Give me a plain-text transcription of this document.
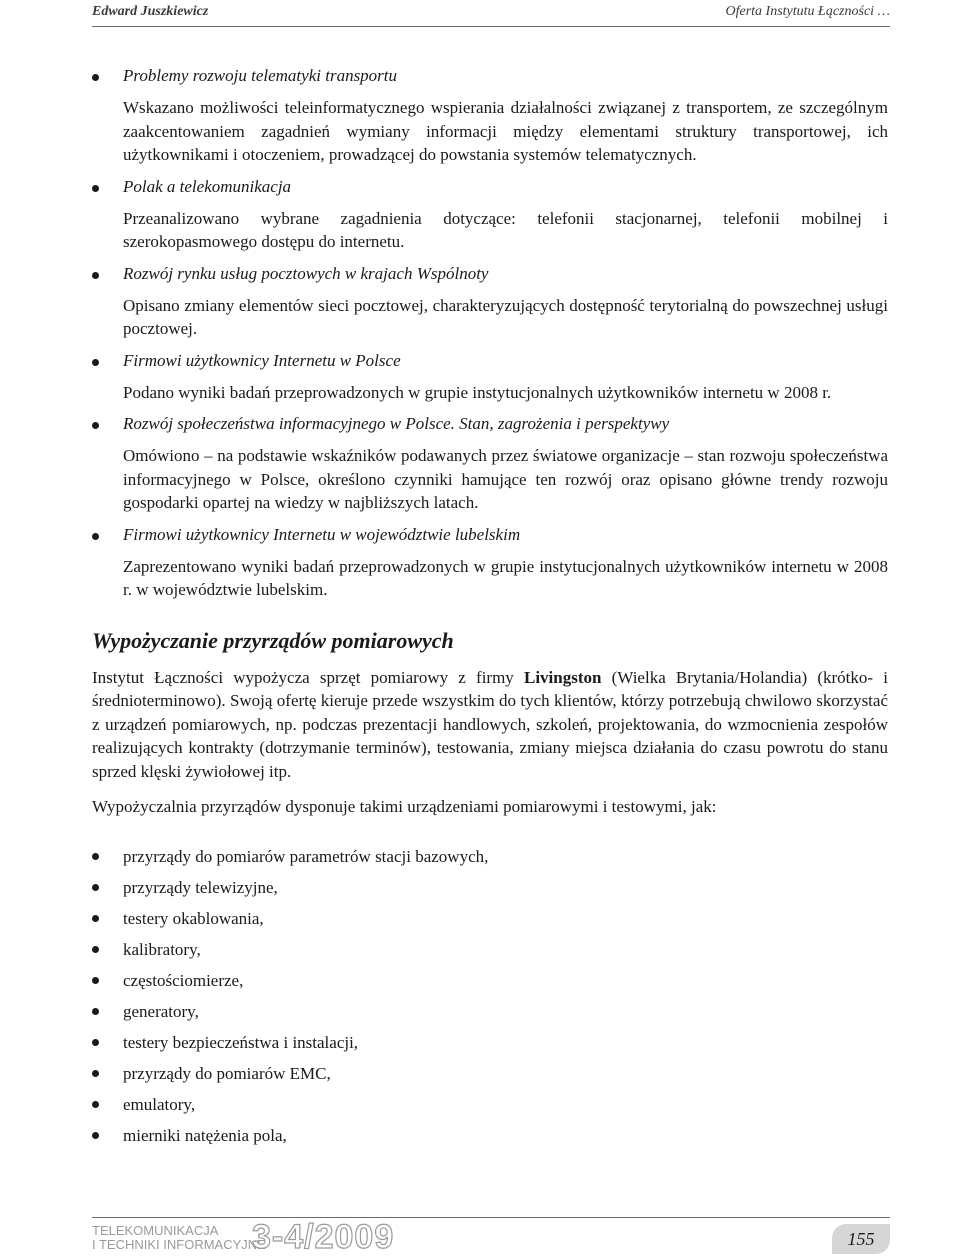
Edward Juszkiewicz	Oferta Instytutu Łączności …
Problemy rozwoju telematyki transportu
Wskazano możliwości teleinformatycznego wspierania działalności związanej z transportem, ze szczególnym zaakcentowaniem zagadnień wymiany informacji między elementami struktury transportowej, ich użytkownikami i otoczeniem, prowadzącej do powstania systemów telematycznych.
Polak a telekomunikacja
Przeanalizowano wybrane zagadnienia dotyczące: telefonii stacjonarnej, telefonii mobilnej i szerokopasmowego dostępu do internetu.
Rozwój rynku usług pocztowych w krajach Wspólnoty
Opisano zmiany elementów sieci pocztowej, charakteryzujących dostępność terytorialną do powszechnej usługi pocztowej.
Firmowi użytkownicy Internetu w Polsce
Podano wyniki badań przeprowadzonych w grupie instytucjonalnych użytkowników internetu w 2008 r.
Rozwój społeczeństwa informacyjnego w Polsce. Stan, zagrożenia i perspektywy
Omówiono – na podstawie wskaźników podawanych przez światowe organizacje – stan rozwoju społeczeństwa informacyjnego w Polsce, określono czynniki hamujące ten rozwój oraz opisano główne trendy rozwoju gospodarki opartej na wiedzy w najbliższych latach.
Firmowi użytkownicy Internetu w województwie lubelskim
Zaprezentowano wyniki badań przeprowadzonych w grupie instytucjonalnych użytkowników internetu w 2008 r. w województwie lubelskim.
Wypożyczanie przyrządów pomiarowych

Instytut Łączności wypożycza sprzęt pomiarowy z firmy Livingston (Wielka Brytania/Holandia) (krótko- i średnioterminowo). Swoją ofertę kieruje przede wszystkim do tych klientów, którzy potrzebują chwilowo skorzystać z urządzeń pomiarowych, np. podczas prezentacji handlowych, szkoleń, projektowania, do wzmocnienia zespołów realizujących kontrakty (dotrzymanie terminów), testowania, zmiany miejsca działania do czasu powrotu do stanu sprzed klęski żywiołowej itp.

Wypożyczalnia przyrządów dysponuje takimi urządzeniami pomiarowymi i testowymi, jak:

przyrządy do pomiarów parametrów stacji bazowych,
przyrządy telewizyjne,
testery okablowania,
kalibratory,
częstościomierze,
generatory,
testery bezpieczeństwa i instalacji,
przyrządy do pomiarów EMC,
emulatory,
mierniki natężenia pola,
TELEKOMUNIKACJA
I TECHNIKI INFORMACYJNE
3-4/2009	155
